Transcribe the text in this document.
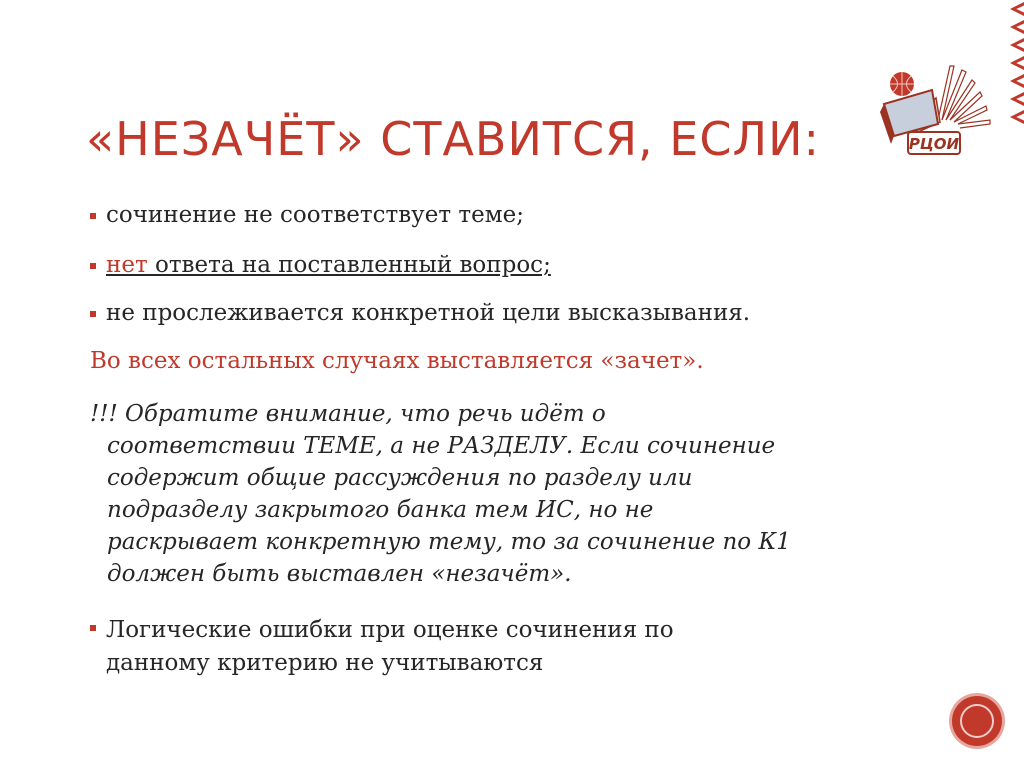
РЦОИ
«НЕЗАЧЁТ» СТАВИТСЯ, ЕСЛИ:
сочинение не соответствует теме;
нет ответа на поставленный вопрос;
не прослеживается конкретной цели высказывания.
Во всех остальных случаях выставляется «зачет».
!!! Обратите внимание, что речь идёт о
соответствии ТЕМЕ, а не РАЗДЕЛУ. Если сочинение
содержит общие рассуждения по разделу или
подразделу закрытого банка тем ИС, но не
раскрывает конкретную тему, то за сочинение по К1
должен быть выставлен «незачёт».
Логические ошибки при оценке сочинения по
данному критерию не учитываются
